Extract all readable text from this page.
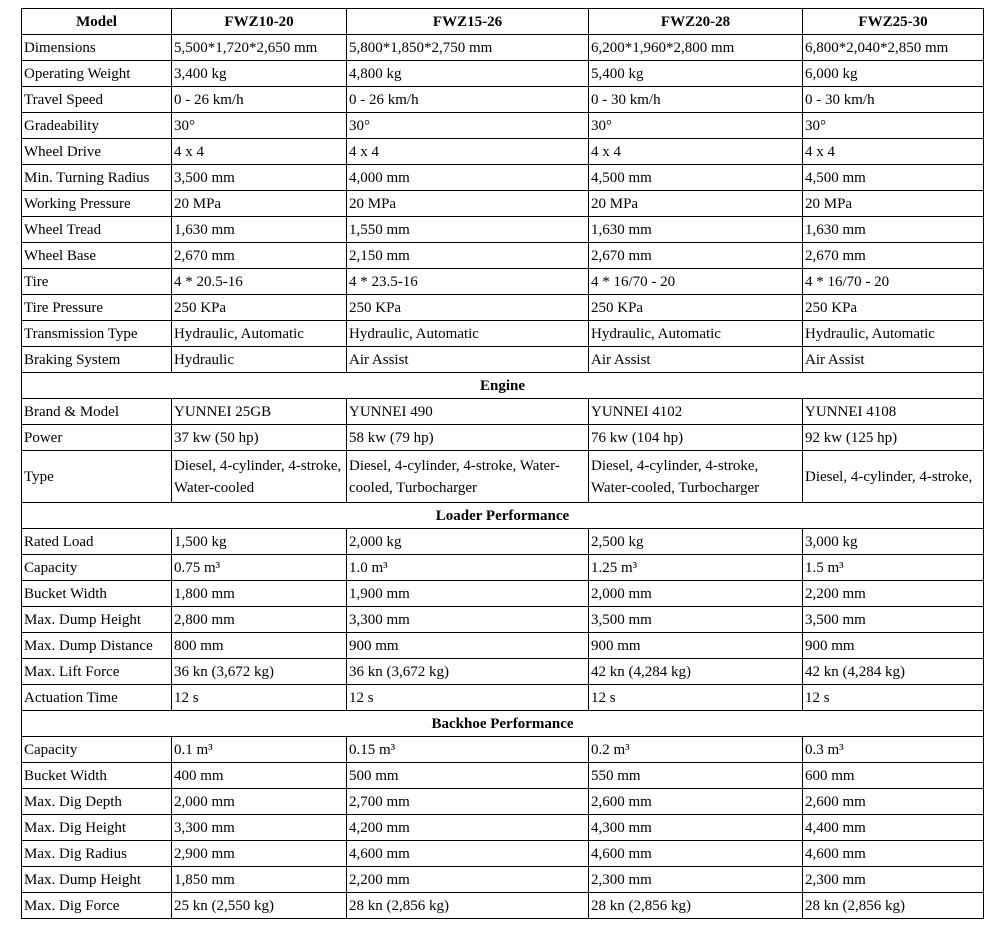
Model	FWZ10-20	FWZ15-26	FWZ20-28	FWZ25-30
Dimensions	5,500*1,720*2,650 mm	5,800*1,850*2,750 mm	6,200*1,960*2,800 mm	6,800*2,040*2,850 mm
Operating Weight	3,400 kg	4,800 kg	5,400 kg	6,000 kg
Travel Speed	0 - 26 km/h	0 - 26 km/h	0 - 30 km/h	0 - 30 km/h
Gradeability	30°	30°	30°	30°
Wheel Drive	4 x 4	4 x 4	4 x 4	4 x 4
Min. Turning Radius	3,500 mm	4,000 mm	4,500 mm	4,500 mm
Working Pressure	20 MPa	20 MPa	20 MPa	20 MPa
Wheel Tread	1,630 mm	1,550 mm	1,630 mm	1,630 mm
Wheel Base	2,670 mm	2,150 mm	2,670 mm	2,670 mm
Tire	4 * 20.5-16	4 * 23.5-16	4 * 16/70 - 20	4 * 16/70 - 20
Tire Pressure	250 KPa	250 KPa	250 KPa	250 KPa
Transmission Type	Hydraulic, Automatic	Hydraulic, Automatic	Hydraulic, Automatic	Hydraulic, Automatic
Braking System	Hydraulic	Air Assist	Air Assist	Air Assist
Engine				
Brand & Model	YUNNEI 25GB	YUNNEI 490	YUNNEI 4102	YUNNEI 4108
Power	37 kw (50 hp)	58 kw (79 hp)	76 kw (104 hp)	92 kw (125 hp)
Type	Diesel, 4-cylinder, 4-stroke, Water-cooled	Diesel, 4-cylinder, 4-stroke, Water-cooled, Turbocharger	Diesel, 4-cylinder, 4-stroke, Water-cooled, Turbocharger	Diesel, 4-cylinder, 4-stroke,
Loader Performance				
Rated Load	1,500 kg	2,000 kg	2,500 kg	3,000 kg
Capacity	0.75 m³	1.0 m³	1.25 m³	1.5 m³
Bucket Width	1,800 mm	1,900 mm	2,000 mm	2,200 mm
Max. Dump Height	2,800 mm	3,300 mm	3,500 mm	3,500 mm
Max. Dump Distance	800 mm	900 mm	900 mm	900 mm
Max. Lift Force	36 kn (3,672 kg)	36 kn (3,672 kg)	42 kn (4,284 kg)	42 kn (4,284 kg)
Actuation Time	12 s	12 s	12 s	12 s
Backhoe Performance				
Capacity	0.1 m³	0.15 m³	0.2 m³	0.3 m³
Bucket Width	400 mm	500 mm	550 mm	600 mm
Max. Dig Depth	2,000 mm	2,700 mm	2,600 mm	2,600 mm
Max. Dig Height	3,300 mm	4,200 mm	4,300 mm	4,400 mm
Max. Dig Radius	2,900 mm	4,600 mm	4,600 mm	4,600 mm
Max. Dump Height	1,850 mm	2,200 mm	2,300 mm	2,300 mm
Max. Dig Force	25 kn (2,550 kg)	28 kn (2,856 kg)	28 kn (2,856 kg)	28 kn (2,856 kg)
